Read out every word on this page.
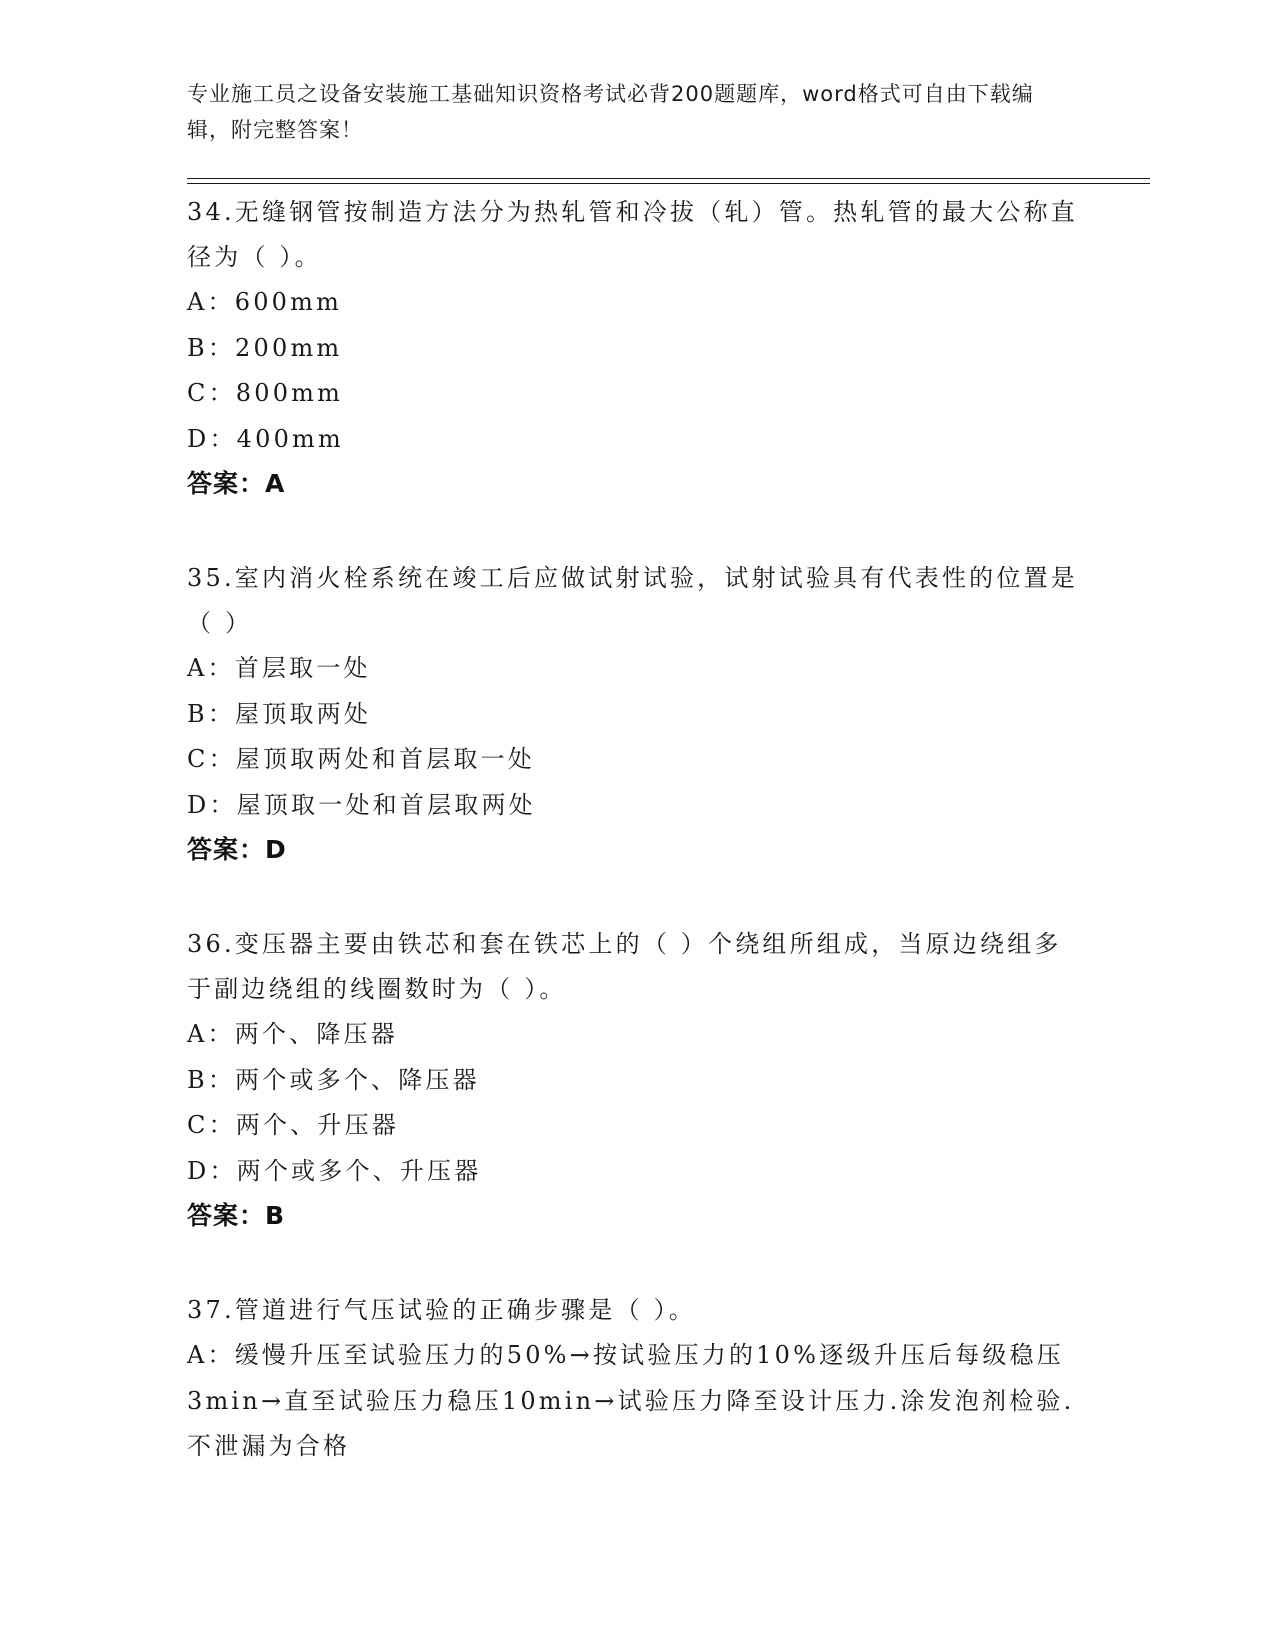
专业施工员之设备安装施工基础知识资格考试必背200题题库，word格式可自由下载编辑，附完整答案！

34.无缝钢管按制造方法分为热轧管和冷拔（轧）管。热轧管的最大公称直径为（ ）。

A：600mm

B：200mm

C：800mm

D：400mm

答案：A

35.室内消火栓系统在竣工后应做试射试验，试射试验具有代表性的位置是（ ）

A：首层取一处

B：屋顶取两处

C：屋顶取两处和首层取一处

D：屋顶取一处和首层取两处

答案：D

36.变压器主要由铁芯和套在铁芯上的（ ）个绕组所组成，当原边绕组多于副边绕组的线圈数时为（ ）。

A：两个、降压器

B：两个或多个、降压器

C：两个、升压器

D：两个或多个、升压器

答案：B

37.管道进行气压试验的正确步骤是（ ）。

A：缓慢升压至试验压力的50%→按试验压力的10%逐级升压后每级稳压3min→直至试验压力稳压10min→试验压力降至设计压力.涂发泡剂检验.不泄漏为合格
